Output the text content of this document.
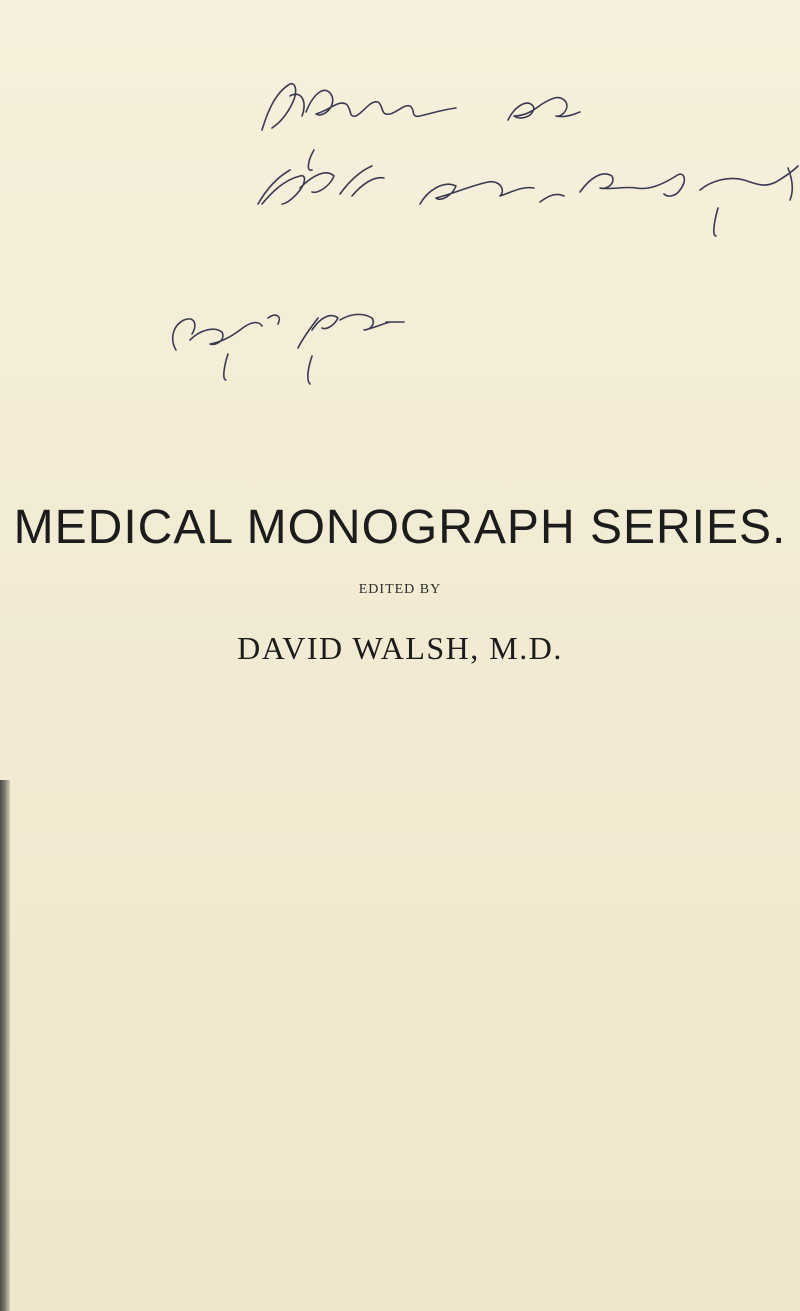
MEDICAL MONOGRAPH SERIES.
EDITED BY
DAVID WALSH, M.D.
